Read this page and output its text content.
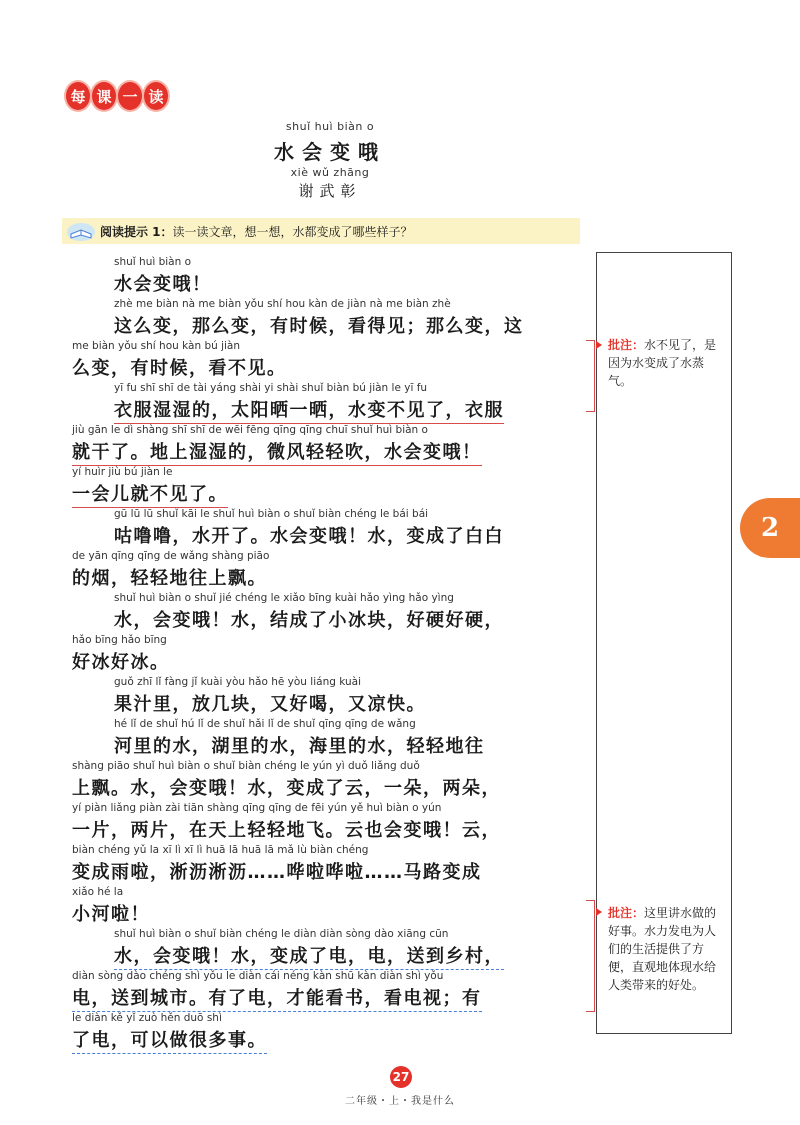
每 课 一 读
shuǐ huì biàn o
水会变哦
xiè wǔ zhāng
谢武彰
阅读提示 1： 读一读文章，想一想，水都变成了哪些样子？
shuǐ huì biàn o
水会变哦！
zhè me biàn nà me biàn yǒu shí hou kàn de jiàn nà me biàn zhè
这么变，那么变，有时候，看得见；那么变，这
me biàn yǒu shí hou kàn bú jiàn
么变，有时候，看不见。
yī fu shī shī de tài yáng shài yi shài shuǐ biàn bú jiàn le yī fu
衣服湿湿的，太阳晒一晒，水变不见了，衣服
jiù gān le dì shàng shī shī de wēi fēng qīng qīng chuī shuǐ huì biàn o
就干了。地上湿湿的，微风轻轻吹，水会变哦！
yí huìr jiù bú jiàn le
一会儿就不见了。
gū lū lū shuǐ kāi le shuǐ huì biàn o shuǐ biàn chéng le bái bái
咕噜噜，水开了。水会变哦！水，变成了白白
de yān qīng qīng de wǎng shàng piāo
的烟，轻轻地往上飘。
shuǐ huì biàn o shuǐ jié chéng le xiǎo bīng kuài hǎo yìng hǎo yìng
水，会变哦！水，结成了小冰块，好硬好硬，
hǎo bīng hǎo bīng
好冰好冰。
guǒ zhī lǐ fàng jǐ kuài yòu hǎo hē yòu liáng kuài
果汁里，放几块，又好喝，又凉快。
hé lǐ de shuǐ hú lǐ de shuǐ hǎi lǐ de shuǐ qīng qīng de wǎng
河里的水，湖里的水，海里的水，轻轻地往
shàng piāo shuǐ huì biàn o shuǐ biàn chéng le yún yì duǒ liǎng duǒ
上飘。水，会变哦！水，变成了云，一朵，两朵，
yí piàn liǎng piàn zài tiān shàng qīng qīng de fēi yún yě huì biàn o yún
一片，两片，在天上轻轻地飞。云也会变哦！云，
biàn chéng yǔ la xī lì xī lì huā lā huā lā mǎ lù biàn chéng
变成雨啦，淅沥淅沥……哗啦哗啦……马路变成
xiǎo hé la
小河啦！
shuǐ huì biàn o shuǐ biàn chéng le diàn diàn sòng dào xiāng cūn
水，会变哦！水，变成了电，电，送到乡村，
diàn sòng dào chéng shì yǒu le diàn cái néng kàn shū kàn diàn shì yǒu
电，送到城市。有了电，才能看书，看电视；有
le diàn kě yǐ zuò hěn duō shì
了电，可以做很多事。
批注：水不见了，是因为水变成了水蒸气。
批注：这里讲水做的好事。水力发电为人们的生活提供了方便，直观地体现水给人类带来的好处。
2
27
二年级・上・我是什么
